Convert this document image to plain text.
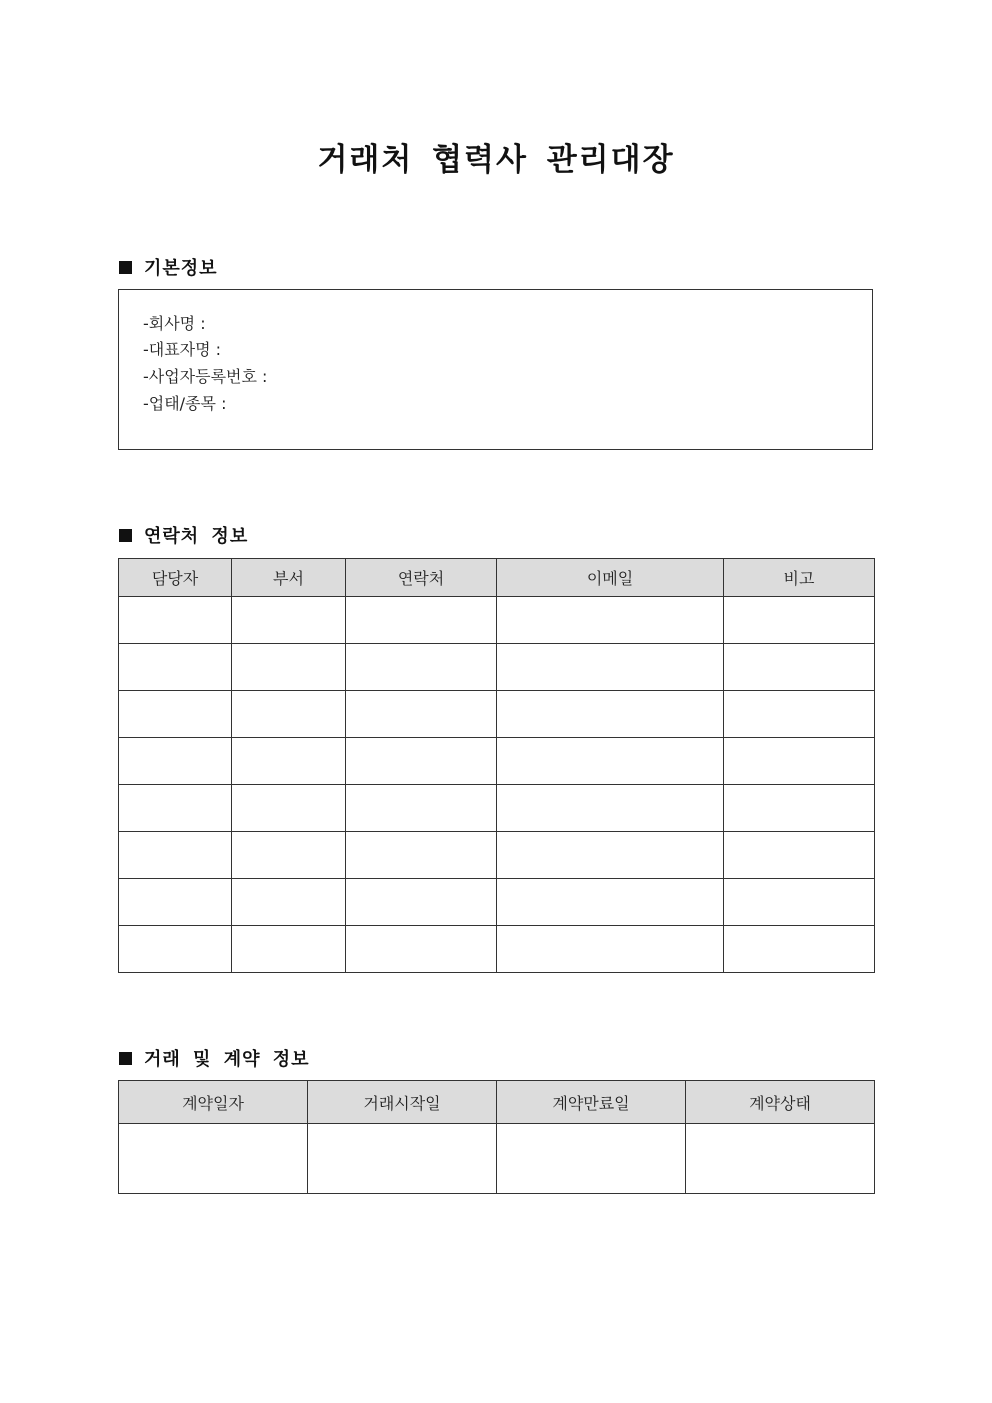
거래처 협력사 관리대장
기본정보
-회사명 :
-대표자명 :
-사업자등록번호 :
-업태/종목 :
연락처 정보
담당자	부서	연락처	이메일	비고

거래 및 계약 정보
계약일자	거래시작일	계약만료일	계약상태
